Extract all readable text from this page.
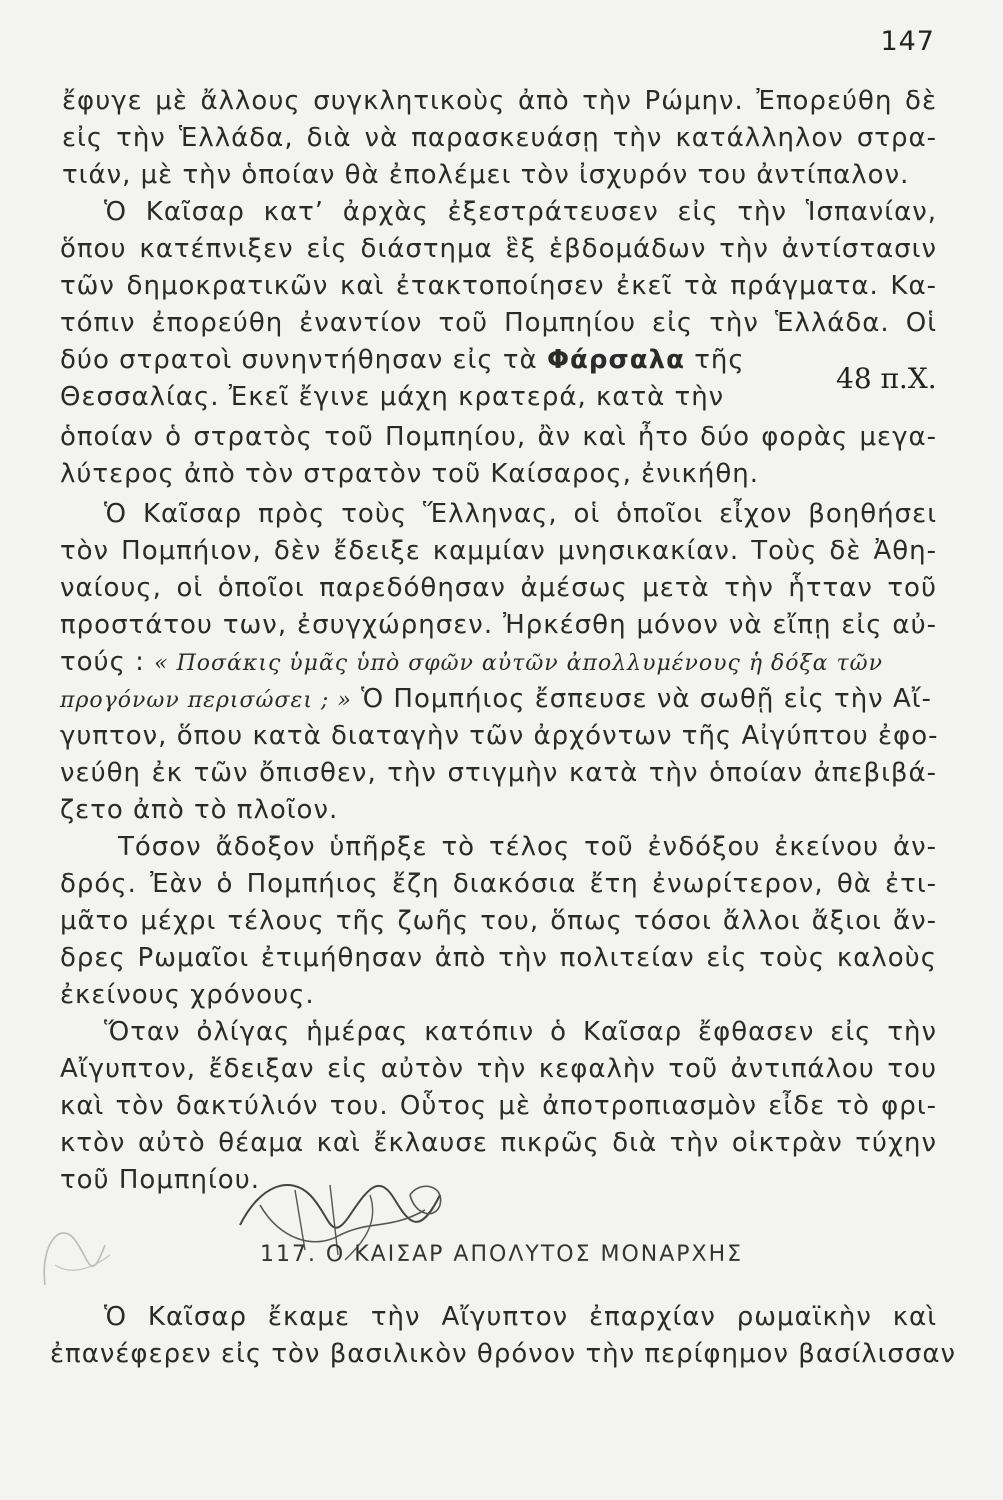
147
ἔφυγε μὲ ἄλλους συγκλητικοὺς ἀπὸ τὴν Ρώμην. Ἐπορεύθη δὲ
εἰς τὴν Ἑλλάδα, διὰ νὰ παρασκευάσῃ τὴν κατάλληλον στρα-
τιάν, μὲ τὴν ὁποίαν θὰ ἐπολέμει τὸν ἰσχυρόν του ἀντίπαλον.
Ὁ Καῖσαρ κατ’ ἀρχὰς ἐξεστράτευσεν εἰς τὴν Ἱσπανίαν,
ὅπου κατέπνιξεν εἰς διάστημα ἓξ ἑβδομάδων τὴν ἀντίστασιν
τῶν δημοκρατικῶν καὶ ἐτακτοποίησεν ἐκεῖ τὰ πράγματα. Κα-
τόπιν ἐπορεύθη ἐναντίον τοῦ Πομπηίου εἰς τὴν Ἑλλάδα. Οἱ
δύο στρατοὶ συνηντήθησαν εἰς τὰ Φάρσαλα τῆς
48 π.Χ.
Θεσσαλίας. Ἐκεῖ ἔγινε μάχη κρατερά, κατὰ τὴν
ὁποίαν ὁ στρατὸς τοῦ Πομπηίου, ἂν καὶ ἦτο δύο φορὰς μεγα-
λύτερος ἀπὸ τὸν στρατὸν τοῦ Καίσαρος, ἐνικήθη.
Ὁ Καῖσαρ πρὸς τοὺς Ἕλληνας, οἱ ὁποῖοι εἶχον βοηθήσει
τὸν Πομπήιον, δὲν ἔδειξε καμμίαν μνησικακίαν. Τοὺς δὲ Ἀθη-
ναίους, οἱ ὁποῖοι παρεδόθησαν ἀμέσως μετὰ τὴν ἧτταν τοῦ
προστάτου των, ἐσυγχώρησεν. Ἠρκέσθη μόνον νὰ εἴπῃ εἰς αὐ-
τούς : « Ποσάκις ὑμᾶς ὑπὸ σφῶν αὐτῶν ἀπολλυμένους ἡ δόξα τῶν
προγόνων περισώσει ; » Ὁ Πομπήιος ἔσπευσε νὰ σωθῇ εἰς τὴν Αἴ-
γυπτον, ὅπου κατὰ διαταγὴν τῶν ἀρχόντων τῆς Αἰγύπτου ἐφο-
νεύθη ἐκ τῶν ὄπισθεν, τὴν στιγμὴν κατὰ τὴν ὁποίαν ἀπεβιβά-
ζετο ἀπὸ τὸ πλοῖον.
Τόσον ἄδοξον ὑπῆρξε τὸ τέλος τοῦ ἐνδόξου ἐκείνου ἀν-
δρός. Ἐὰν ὁ Πομπήιος ἔζη διακόσια ἔτη ἐνωρίτερον, θὰ ἐτι-
μᾶτο μέχρι τέλους τῆς ζωῆς του, ὅπως τόσοι ἄλλοι ἄξιοι ἄν-
δρες Ρωμαῖοι ἐτιμήθησαν ἀπὸ τὴν πολιτείαν εἰς τοὺς καλοὺς
ἐκείνους χρόνους.
Ὅταν ὀλίγας ἡμέρας κατόπιν ὁ Καῖσαρ ἔφθασεν εἰς τὴν
Αἴγυπτον, ἔδειξαν εἰς αὐτὸν τὴν κεφαλὴν τοῦ ἀντιπάλου του
καὶ τὸν δακτύλιόν του. Οὗτος μὲ ἀποτροπιασμὸν εἶδε τὸ φρι-
κτὸν αὐτὸ θέαμα καὶ ἔκλαυσε πικρῶς διὰ τὴν οἰκτρὰν τύχην
τοῦ Πομπηίου.
117. Ο ΚΑΙΣΑΡ ΑΠΟΛΥΤΟΣ ΜΟΝΑΡΧΗΣ
Ὁ Καῖσαρ ἔκαμε τὴν Αἴγυπτον ἐπαρχίαν ρωμαϊκὴν καὶ
ἐπανέφερεν εἰς τὸν βασιλικὸν θρόνον τὴν περίφημον βασίλισσαν
